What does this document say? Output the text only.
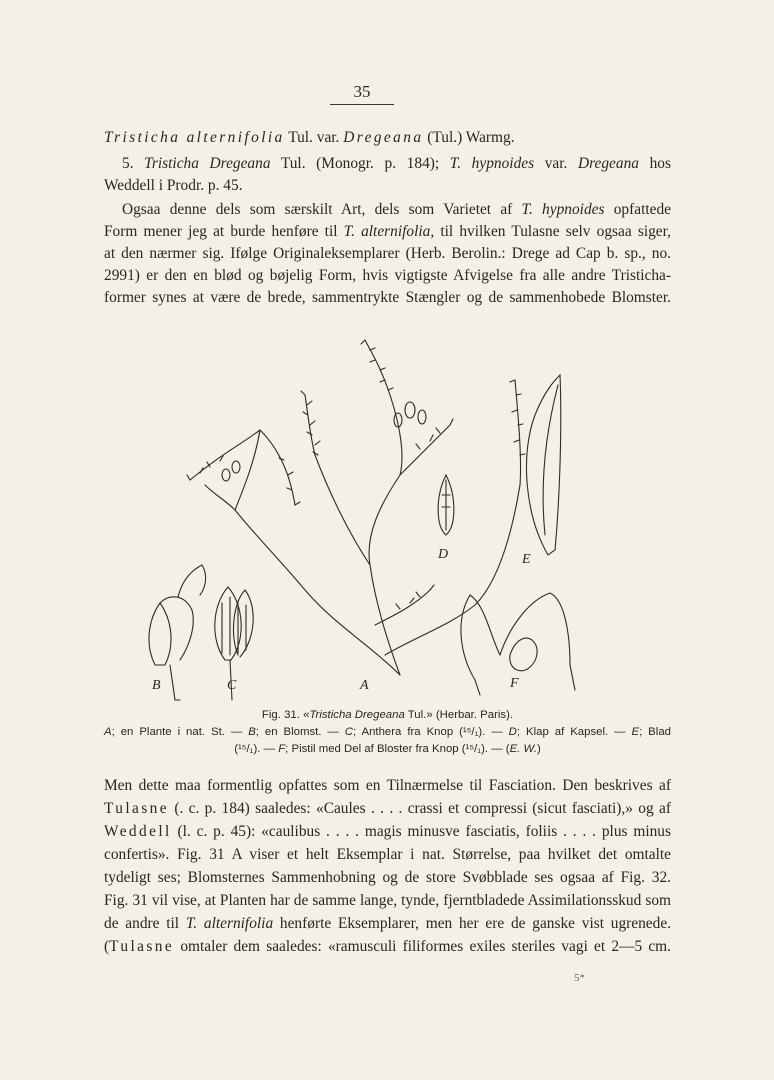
35
Tristicha alternifolia Tul. var. Dregeana (Tul.) Warmg.
5. Tristicha Dregeana Tul. (Monogr. p. 184); T. hypnoides var. Dregeana hos
Weddell i Prodr. p. 45.
Ogsaa denne dels som særskilt Art, dels som Varietet af T. hypnoides opfattede
Form mener jeg at burde henføre til T. alternifolia, til hvilken Tulasne selv ogsaa siger,
at den nærmer sig. Ifølge Originaleksemplarer (Herb. Berolin.: Drege ad Cap b. sp., no.
2991) er den en blød og bøjelig Form, hvis vigtigste Afvigelse fra alle andre Tristicha-
former synes at være de brede, sammentrykte Stængler og de sammenhobede Blomster.
D	E
B	C	A	F
Fig. 31. «Tristicha Dregeana Tul.» (Herbar. Paris).
A; en Plante i nat. St. — B; en Blomst. — C; Anthera fra Knop (¹⁵/₁). — D; Klap af Kapsel. — E; Blad
(¹⁵/₁). — F; Pistil med Del af Bloster fra Knop (¹⁵/₁). — (E. W.)
Men dette maa formentlig opfattes som en Tilnærmelse til Fasciation. Den beskrives af
Tulasne (. c. p. 184) saaledes: «Caules . . . . crassi et compressi (sicut fasciati),» og af
Weddell (l. c. p. 45): «caulibus . . . . magis minusve fasciatis, foliis . . . . plus minus
confertis». Fig. 31 A viser et helt Eksemplar i nat. Størrelse, paa hvilket det omtalte
tydeligt ses; Blomsternes Sammenhobning og de store Svøbblade ses ogsaa af Fig. 32.
Fig. 31 vil vise, at Planten har de samme lange, tynde, fjerntbladede Assimilationsskud som
de andre til T. alternifolia henførte Eksemplarer, men her ere de ganske vist ugrenede.
(Tulasne omtaler dem saaledes: «ramusculi filiformes exiles steriles vagi et 2—5 cm.
5*
